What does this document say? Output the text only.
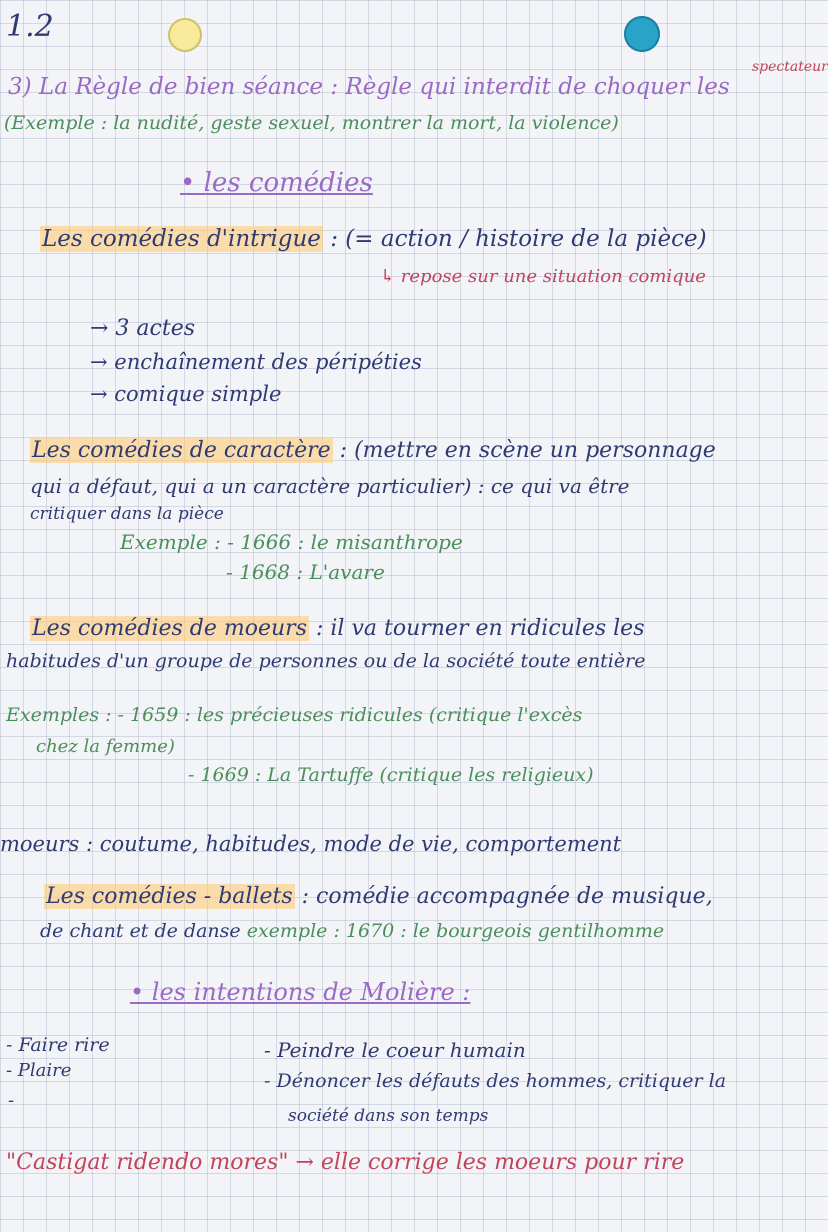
1.2
3) La Règle de bien séance : Règle qui interdit de choquer les
spectateur
(Exemple : la nudité, geste sexuel, montrer la mort, la violence)
• les comédies
Les comédies d'intrigue : (= action / histoire de la pièce)
↳ repose sur une situation comique
→ 3 actes
→ enchaînement des péripéties
→ comique simple
Les comédies de caractère : (mettre en scène un personnage
qui a défaut, qui a un caractère particulier) : ce qui va être
critiquer dans la pièce
Exemple : - 1666 : le misanthrope
- 1668 : L'avare
Les comédies de moeurs : il va tourner en ridicules les
habitudes d'un groupe de personnes ou de la société toute entière
Exemples : - 1659 : les précieuses ridicules (critique l'excès
chez la femme)
- 1669 : La Tartuffe (critique les religieux)
moeurs : coutume, habitudes, mode de vie, comportement
Les comédies - ballets : comédie accompagnée de musique,
de chant et de danse exemple : 1670 : le bourgeois gentilhomme
• les intentions de Molière :
- Faire rire
- Plaire
-
- Peindre le coeur humain
- Dénoncer les défauts des hommes, critiquer la
société dans son temps
"Castigat ridendo mores" → elle corrige les moeurs pour rire
